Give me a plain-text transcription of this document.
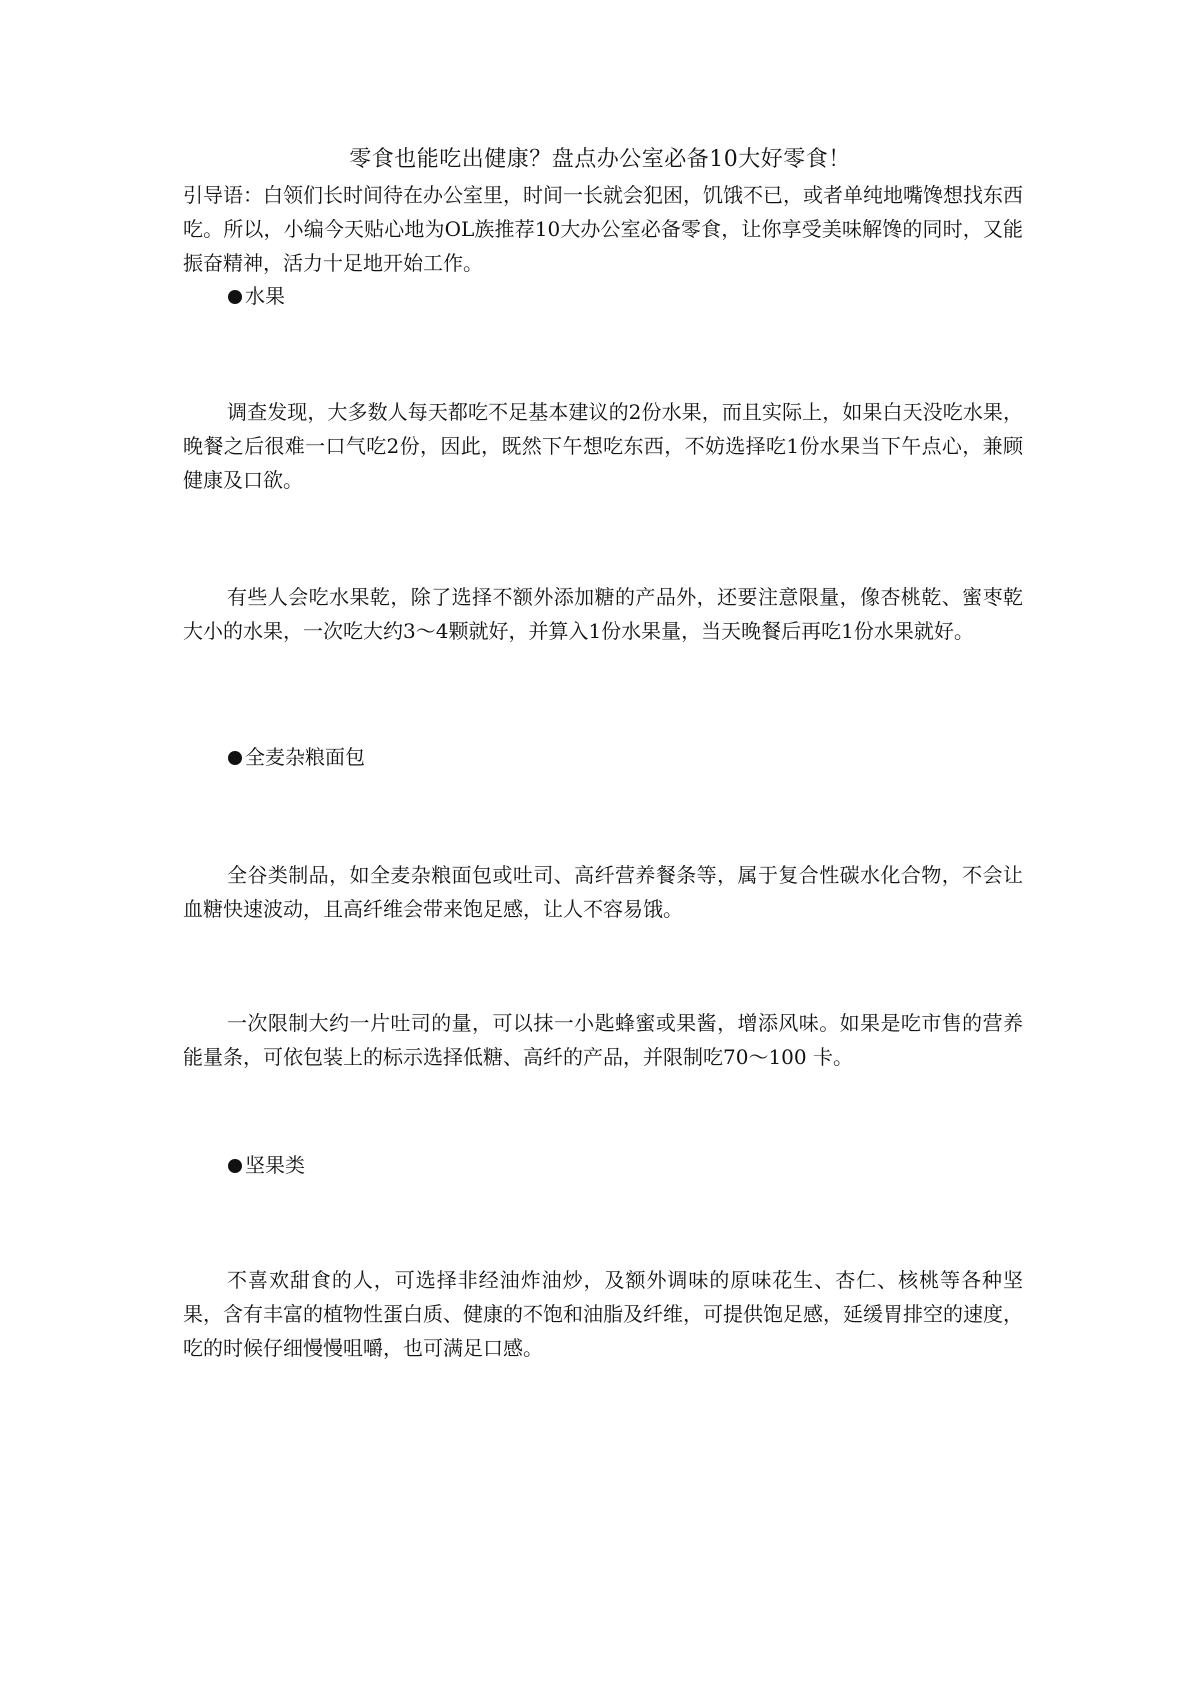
零食也能吃出健康？盘点办公室必备10大好零食！
引导语：白领们长时间待在办公室里，时间一长就会犯困，饥饿不已，或者单纯地嘴馋想找东西吃。所以，小编今天贴心地为OL族推荐10大办公室必备零食，让你享受美味解馋的同时，又能振奋精神，活力十足地开始工作。
水果
调查发现，大多数人每天都吃不足基本建议的2份水果，而且实际上，如果白天没吃水果，晚餐之后很难一口气吃2份，因此，既然下午想吃东西，不妨选择吃1份水果当下午点心，兼顾健康及口欲。
有些人会吃水果乾，除了选择不额外添加糖的产品外，还要注意限量，像杏桃乾、蜜枣乾大小的水果，一次吃大约3～4颗就好，并算入1份水果量，当天晚餐后再吃1份水果就好。
全麦杂粮面包
全谷类制品，如全麦杂粮面包或吐司、高纤营养餐条等，属于复合性碳水化合物，不会让血糖快速波动，且高纤维会带来饱足感，让人不容易饿。
一次限制大约一片吐司的量，可以抹一小匙蜂蜜或果酱，增添风味。如果是吃市售的营养能量条，可依包装上的标示选择低糖、高纤的产品，并限制吃70～100 卡。
坚果类
不喜欢甜食的人，可选择非经油炸油炒，及额外调味的原味花生、杏仁、核桃等各种坚果，含有丰富的植物性蛋白质、健康的不饱和油脂及纤维，可提供饱足感，延缓胃排空的速度，吃的时候仔细慢慢咀嚼，也可满足口感。
